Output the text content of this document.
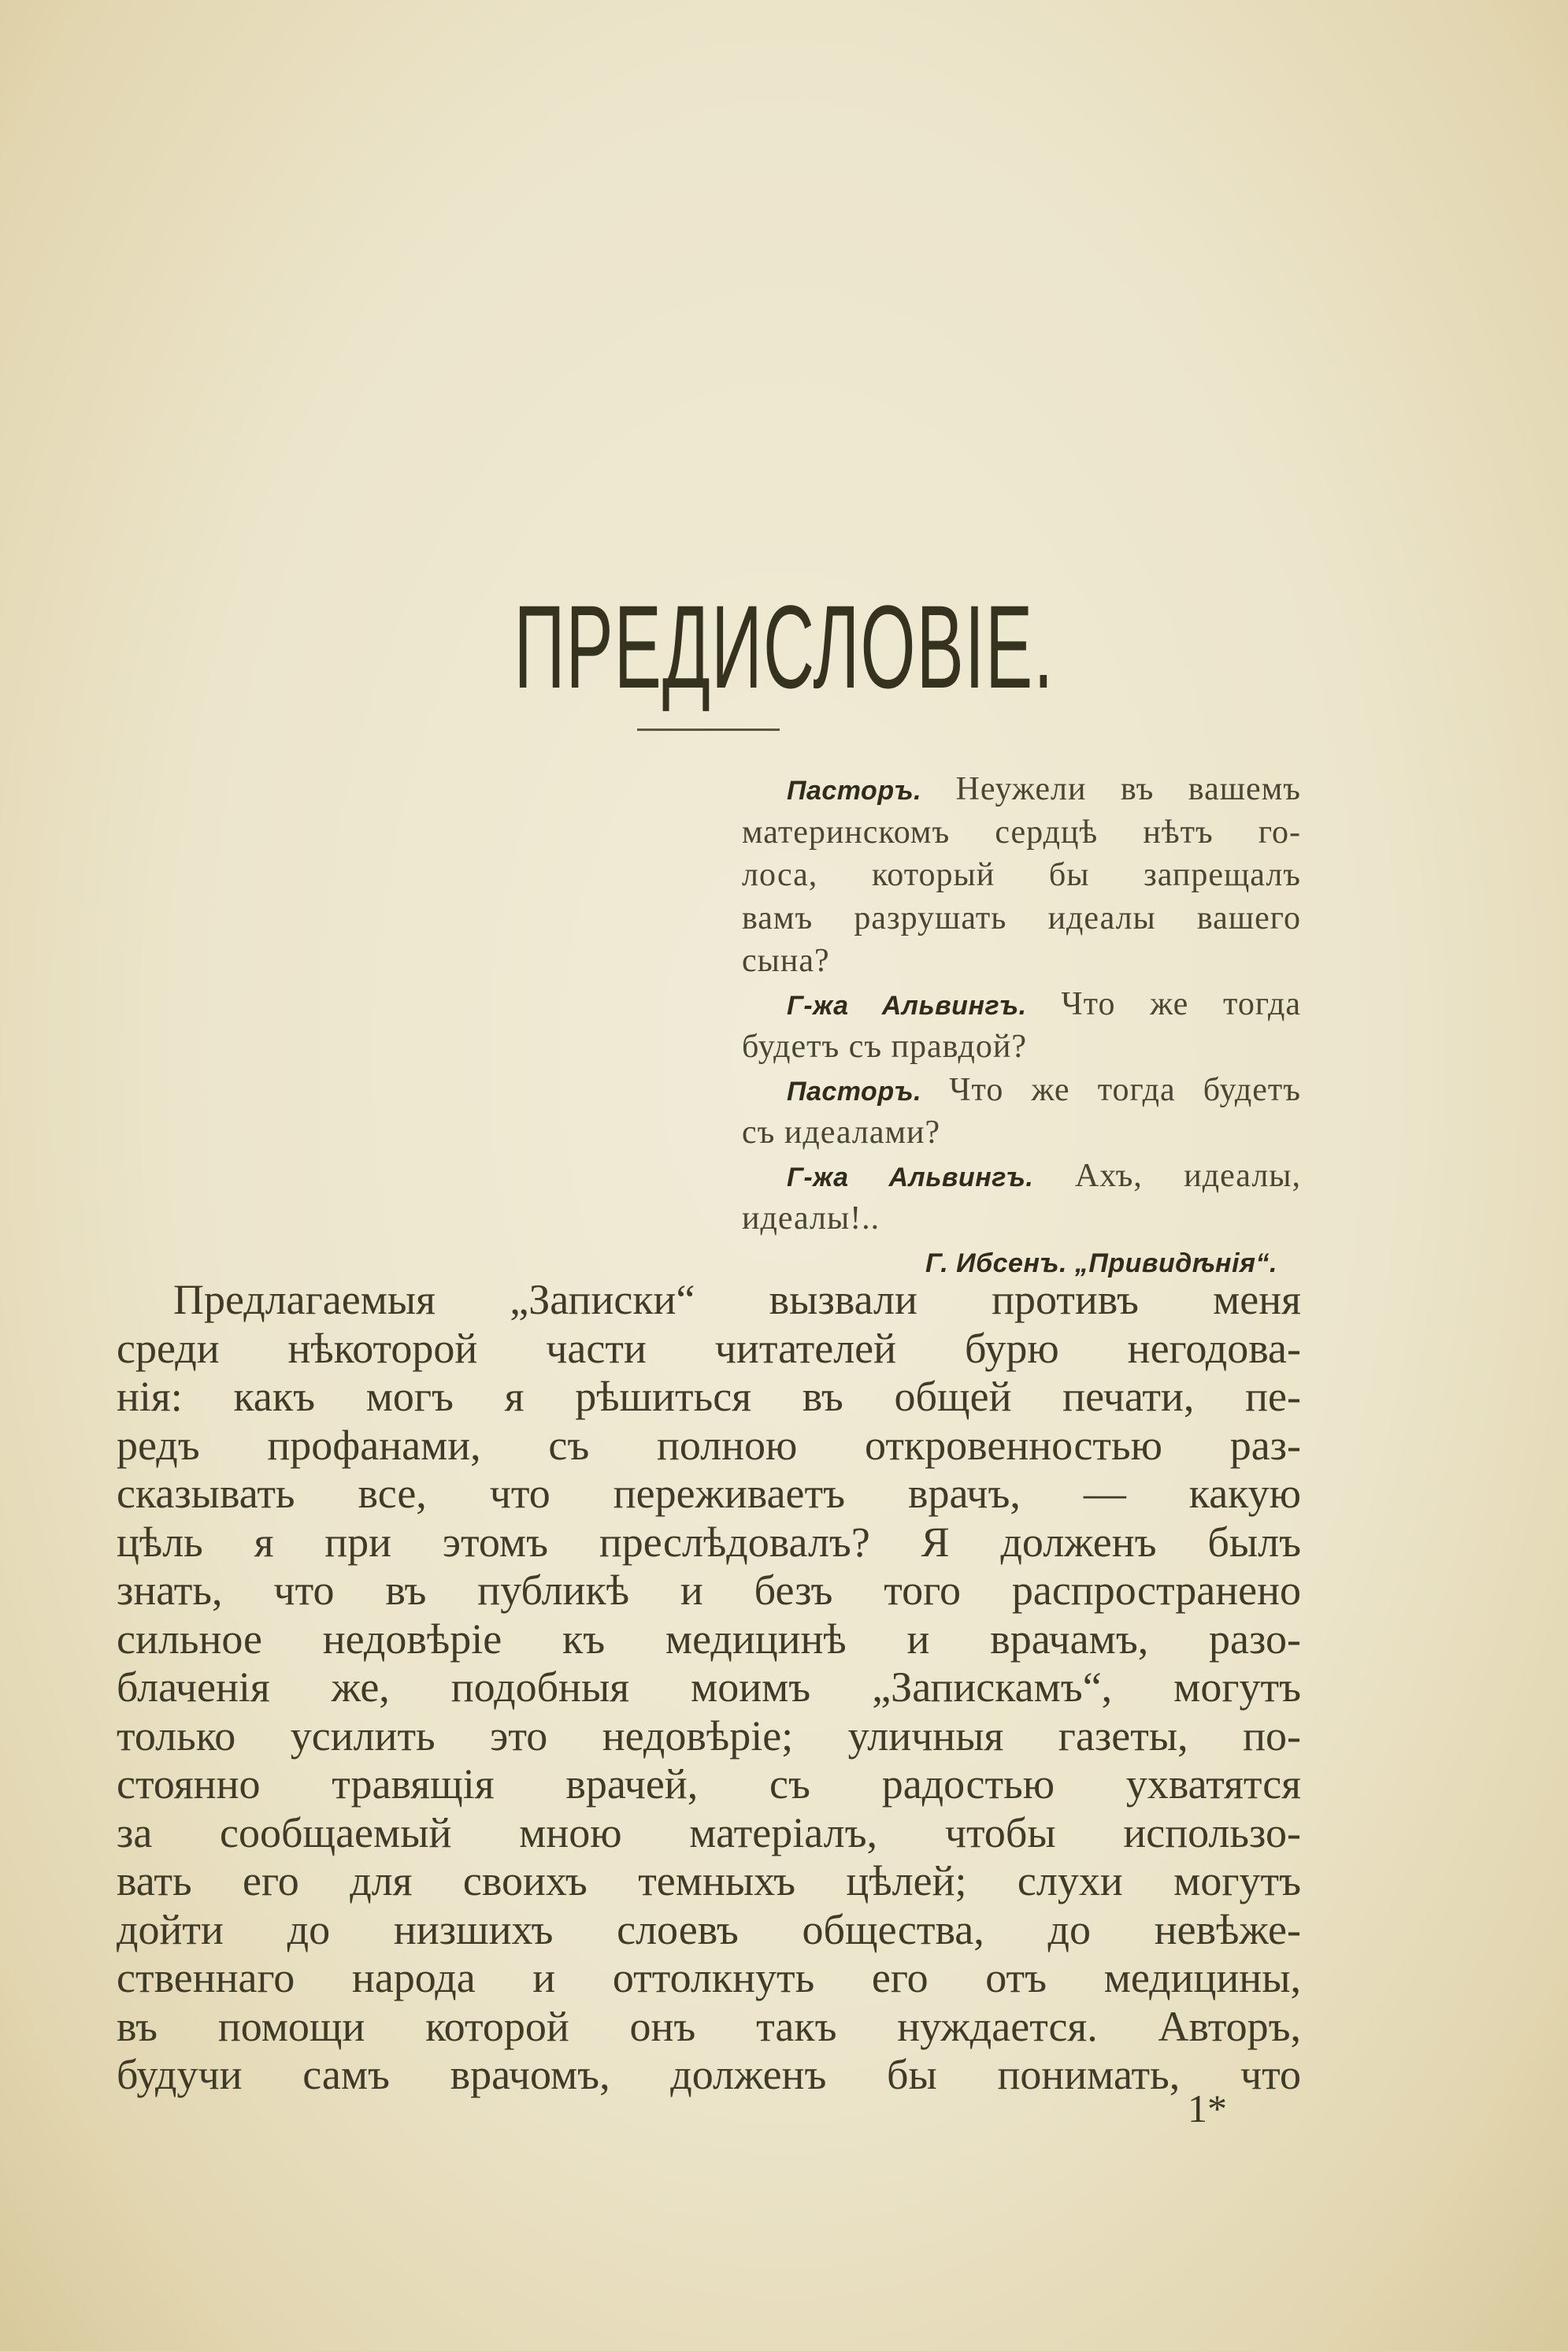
ПРЕДИСЛОВІЕ.
Пасторъ. Неужели въ вашемъ
материнскомъ сердцѣ нѣтъ го-
лоса, который бы запрещалъ
вамъ разрушать идеалы вашего
сына?
Г-жа Альвингъ. Что же тогда
будетъ съ правдой?
Пасторъ. Что же тогда будетъ
съ идеалами?
Г-жа Альвингъ. Ахъ, идеалы,
идеалы!..
Г. Ибсенъ. „Привидѣнія“.
Предлагаемыя „Записки“ вызвали противъ меня
среди нѣкоторой части читателей бурю негодова-
нія: какъ могъ я рѣшиться въ общей печати, пе-
редъ профанами, съ полною откровенностью раз-
сказывать все, что переживаетъ врачъ, — какую
цѣль я при этомъ преслѣдовалъ? Я долженъ былъ
знать, что въ публикѣ и безъ того распространено
сильное недовѣріе къ медицинѣ и врачамъ, разо-
блаченія же, подобныя моимъ „Запискамъ“, могутъ
только усилить это недовѣріе; уличныя газеты, по-
стоянно травящія врачей, съ радостью ухватятся
за сообщаемый мною матеріалъ, чтобы использо-
вать его для своихъ темныхъ цѣлей; слухи могутъ
дойти до низшихъ слоевъ общества, до невѣже-
ственнаго народа и оттолкнуть его отъ медицины,
въ помощи которой онъ такъ нуждается. Авторъ,
будучи самъ врачомъ, долженъ бы понимать, что
1*
